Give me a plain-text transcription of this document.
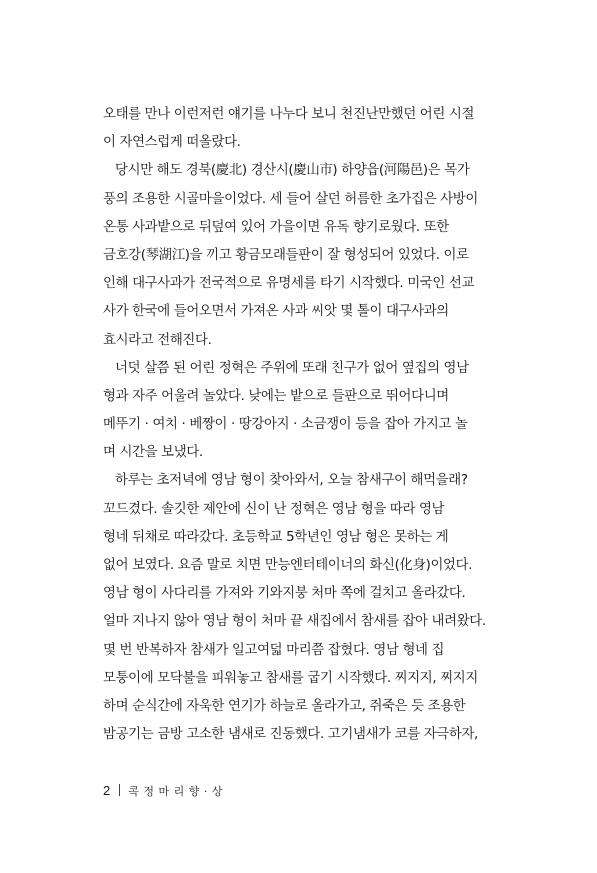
오태를 만나 이런저런 얘기를 나누다 보니 천진난만했던 어린 시절
이 자연스럽게 떠올랐다.
당시만 해도 경북(慶北) 경산시(慶山市) 하양읍(河陽邑)은 목가
풍의 조용한 시골마을이었다. 세 들어 살던 허름한 초가집은 사방이
온통 사과밭으로 뒤덮여 있어 가을이면 유독 향기로웠다. 또한
금호강(琴湖江)을 끼고 황금모래들판이 잘 형성되어 있었다. 이로
인해 대구사과가 전국적으로 유명세를 타기 시작했다. 미국인 선교
사가 한국에 들어오면서 가져온 사과 씨앗 몇 톨이 대구사과의
효시라고 전해진다.
너덧 살쯤 된 어린 정혁은 주위에 또래 친구가 없어 옆집의 영남
형과 자주 어울려 놀았다. 낮에는 밭으로 들판으로 뛰어다니며
메뚜기 · 여치 · 베짱이 · 땅강아지 · 소금쟁이 등을 잡아 가지고 놀
며 시간을 보냈다.
하루는 초저녁에 영남 형이 찾아와서, 오늘 참새구이 해먹을래?
꼬드겼다. 솔깃한 제안에 신이 난 정혁은 영남 형을 따라 영남
형네 뒤채로 따라갔다. 초등학교 5학년인 영남 형은 못하는 게
없어 보였다. 요즘 말로 치면 만능엔터테이너의 화신(化身)이었다.
영남 형이 사다리를 가져와 기와지붕 처마 쪽에 걸치고 올라갔다.
얼마 지나지 않아 영남 형이 처마 끝 새집에서 참새를 잡아 내려왔다.
몇 번 반복하자 참새가 일고여덟 마리쯤 잡혔다. 영남 형네 집
모퉁이에 모닥불을 피워놓고 참새를 굽기 시작했다. 찌지지, 찌지지
하며 순식간에 자욱한 연기가 하늘로 올라가고, 쥐죽은 듯 조용한
밤공기는 금방 고소한 냄새로 진동했다. 고기냄새가 코를 자극하자,
2 콕 정 마 리 향 · 상
